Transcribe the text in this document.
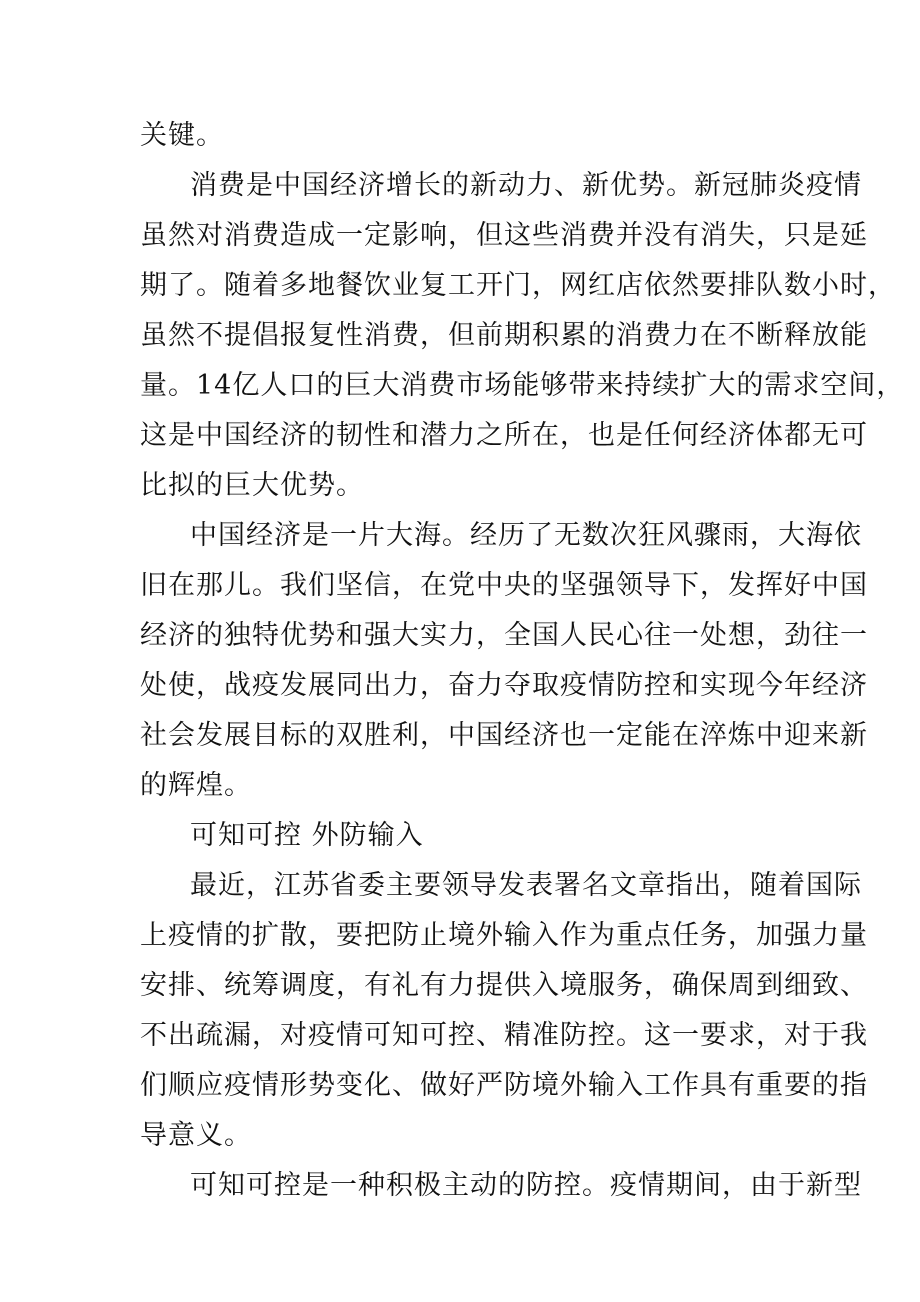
关键。
消费是中国经济增长的新动力、新优势。新冠肺炎疫情
虽然对消费造成一定影响，但这些消费并没有消失，只是延
期了。随着多地餐饮业复工开门，网红店依然要排队数小时，
虽然不提倡报复性消费，但前期积累的消费力在不断释放能
量。14亿人口的巨大消费市场能够带来持续扩大的需求空间，
这是中国经济的韧性和潜力之所在，也是任何经济体都无可
比拟的巨大优势。
中国经济是一片大海。经历了无数次狂风骤雨，大海依
旧在那儿。我们坚信，在党中央的坚强领导下，发挥好中国
经济的独特优势和强大实力，全国人民心往一处想，劲往一
处使，战疫发展同出力，奋力夺取疫情防控和实现今年经济
社会发展目标的双胜利，中国经济也一定能在淬炼中迎来新
的辉煌。
可知可控 外防输入
最近，江苏省委主要领导发表署名文章指出，随着国际
上疫情的扩散，要把防止境外输入作为重点任务，加强力量
安排、统筹调度，有礼有力提供入境服务，确保周到细致、
不出疏漏，对疫情可知可控、精准防控。这一要求，对于我
们顺应疫情形势变化、做好严防境外输入工作具有重要的指
导意义。
可知可控是一种积极主动的防控。疫情期间，由于新型
